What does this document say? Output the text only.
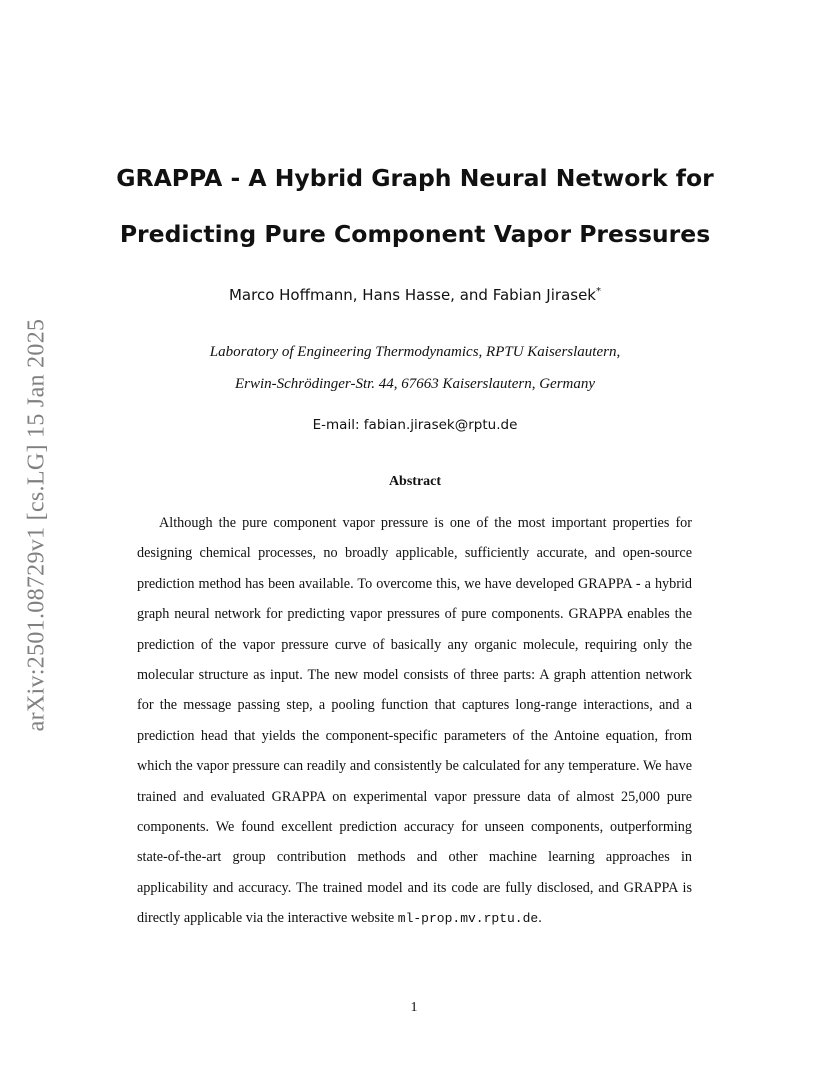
arXiv:2501.08729v1 [cs.LG] 15 Jan 2025
GRAPPA - A Hybrid Graph Neural Network for
Predicting Pure Component Vapor Pressures
Marco Hoffmann, Hans Hasse, and Fabian Jirasek*
Laboratory of Engineering Thermodynamics, RPTU Kaiserslautern,
Erwin-Schrödinger-Str. 44, 67663 Kaiserslautern, Germany
E-mail: fabian.jirasek@rptu.de
Abstract

Although the pure component vapor pressure is one of the most important properties for designing chemical processes, no broadly applicable, sufficiently accurate, and open-source prediction method has been available. To overcome this, we have developed GRAPPA - a hybrid graph neural network for predicting vapor pressures of pure components. GRAPPA enables the prediction of the vapor pressure curve of basically any organic molecule, requiring only the molecular structure as input. The new model consists of three parts: A graph attention network for the message passing step, a pooling function that captures long-range interactions, and a prediction head that yields the component-specific parameters of the Antoine equation, from which the vapor pressure can readily and consistently be calculated for any temperature. We have trained and evaluated GRAPPA on experimental vapor pressure data of almost 25,000 pure components. We found excellent prediction accuracy for unseen components, outperforming state-of-the-art group contribution methods and other machine learning approaches in applicability and accuracy. The trained model and its code are fully disclosed, and GRAPPA is directly applicable via the interactive website ml-prop.mv.rptu.de.

1
